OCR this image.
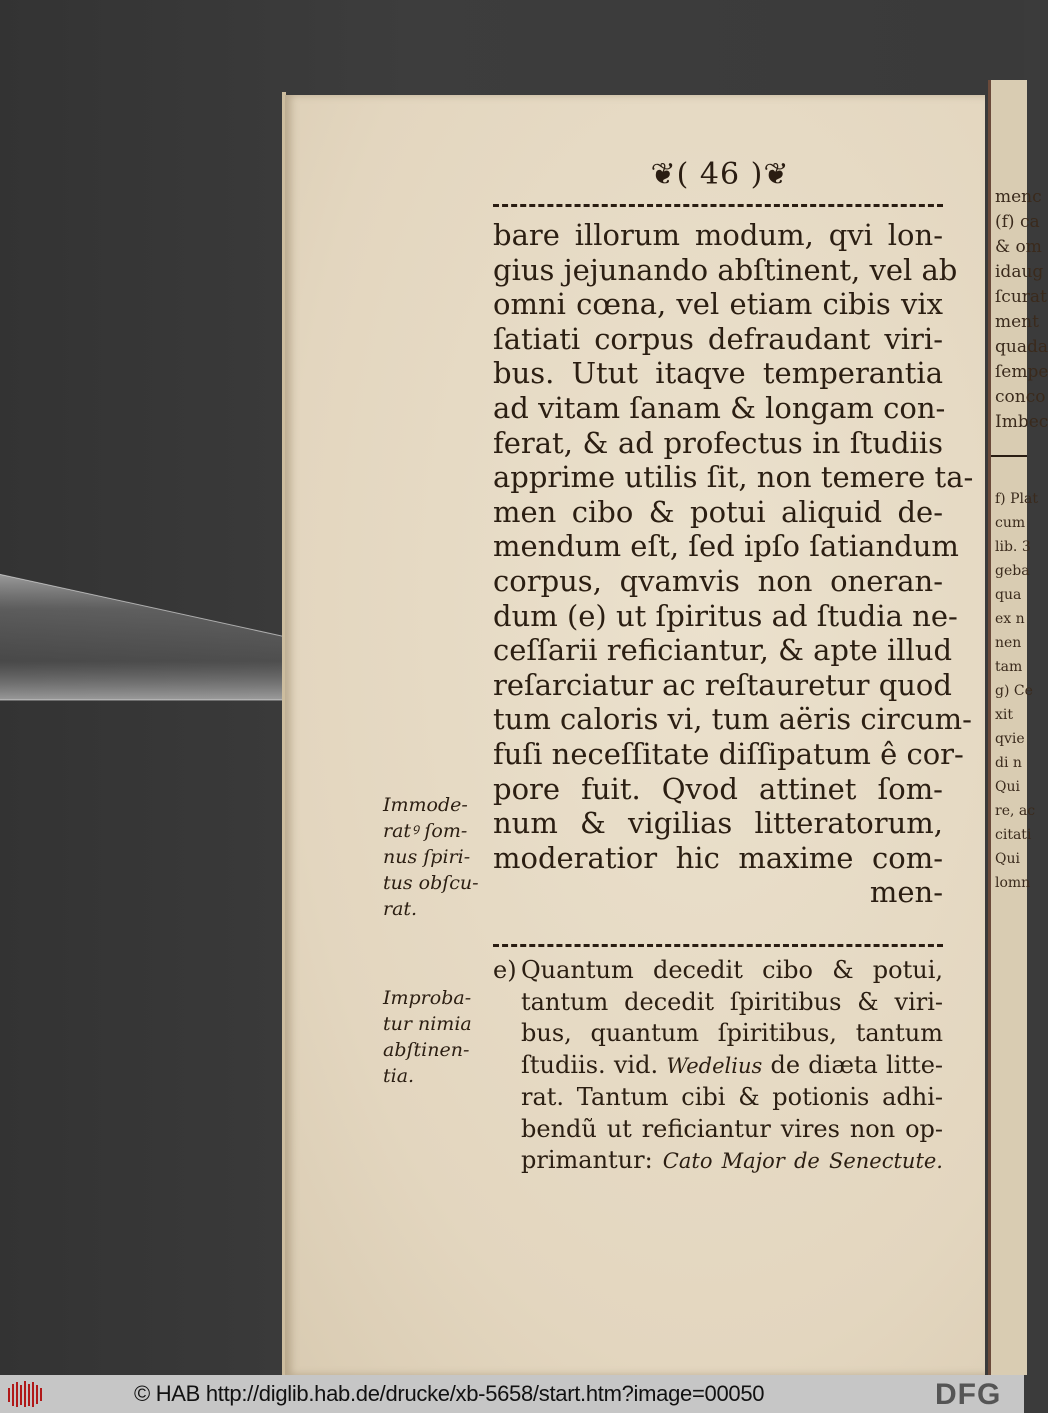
menc
(f) ca
& om
idaug
ſcurat
ment
quada
ſempe
conco
Imbec
f) Plat
cum
lib. 3
geba
qua
ex n
nen
tam
g) Ce
xit
qvie
di n
Qui
re, ac
citati
Qui
lomn
❦( 46 )❦
bare illorum modum, qvi lon-
gius jejunando abſtinent, vel ab
omni cœna, vel etiam cibis vix
ſatiati corpus defraudant viri-
bus. Utut itaqve temperantia
ad vitam ſanam & longam con-
ferat, & ad profectus in ſtudiis
apprime utilis ſit, non temere ta-
men cibo & potui aliquid de-
mendum eſt, ſed ipſo ſatiandum
corpus, qvamvis non oneran-
dum (e) ut ſpiritus ad ſtudia ne-
ceſſarii reficiantur, & apte illud
reſarciatur ac reſtauretur quod
tum caloris vi, tum aëris circum-
fuſi neceſſitate diſſipatum ê cor-
pore fuit. Qvod attinet ſom-
num & vigilias litteratorum,
moderatior hic maxime com-
men-
Immode-
ratꝰ ſom-
nus ſpiri-
tus obſcu-
rat.
Improba-
tur nimia
abſtinen-
tia.
e) Quantum decedit cibo & potui,
tantum decedit ſpiritibus & viri-
bus, quantum ſpiritibus, tantum
ſtudiis. vid. Wedelius de diæta litte-
rat. Tantum cibi & potionis adhi-
bendũ ut reficiantur vires non op-
primantur: Cato Major de Senectute.
© HAB http://diglib.hab.de/drucke/xb-5658/start.htm?image=00050	DFG
